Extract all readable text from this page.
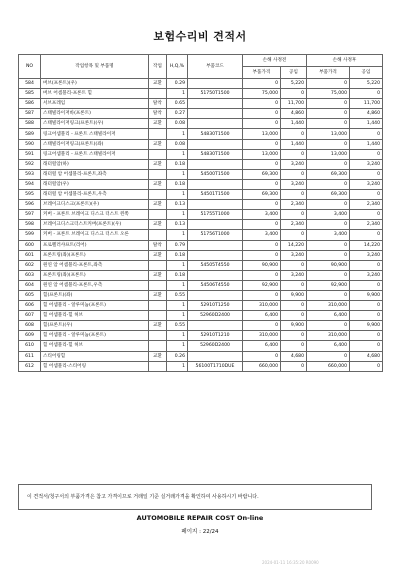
보험수리비 견적서
NO	작업항목 및 부품명	작업	H,Q,%	부품코드	손해 사정전		손해 사정후	
					부품가격	공임	부품가격	공임
584	버브(프론트)(우)	교환	0.29		0	5,220	0	5,220
585	버브 어셈블리-프론트 힐		1	51750T1500	75,000	0	75,000	0
586	서브프레임	탈착	0.65		0	11,700	0	11,700
587	스태빌라이저바(프론트)	탈착	0.27		0	4,860	0	4,860
588	스태빌라이저링크(프론트)(우)	교환	0.08		0	1,440	0	1,440
589	링크어셈블리 - 프론트 스태빌라이저		1	54830T1500	13,000	0	13,000	0
590	스태빌라이저링크(프론트)(좌)	교환	0.08		0	1,440	0	1,440
591	링크어셈블리 - 프론트 스태빌라이저		1	54830T1500	13,000	0	13,000	0
592	래터럴암(하)	교환	0.18		0	3,240	0	3,240
593	래터럴 암 어셈블리-프론트,좌측		1	54500T1500	69,300	0	69,300	0
594	래터럴암(우)	교환	0.18		0	3,240	0	3,240
595	래터럴 암 어셈블리-프론트,우측		1	54501T1500	69,300	0	69,300	0
596	브레이크디스크(프론트)(우)	교환	0.13		0	2,340	0	2,340
597	커버 - 프론트 브레이크 디스크 더스트 왼쪽		1	51755T1000	3,400	0	3,400	0
598	브레이크디스크더스트커버(프론트)(우)	교환	0.13		0	2,340	0	2,340
599	커버 - 프론트 브레이크 디스크 더스트 오른		1	51756T1000	3,400	0	3,400	0
600	프로펠러샤프트(리어)	탈착	0.79		0	14,220	0	14,220
601	프론트링(좌)(프론트)	교환	0.18		0	3,240	0	3,240
602	원연 암 어셈블리-프론트,좌측		1	54505T4550	90,900	0	90,900	0
603	프론트링(좌)(프론트)	교환	0.18		0	3,240	0	3,240
604	원연 암 어셈블리-프론트,우측		1	54506T4550	92,900	0	92,900	0
605	힐(프론트)(좌)	교환	0.55		0	9,900	0	9,900
606	힐 어셈블리 - 알루미늄(프론트)		1	52910T1250	310,000	0	310,000	0
607	힐 어셈블리-힐 허브		1	52960D2400	6,400	0	6,400	0
608	힐(프론트)(우)	교환	0.55		0	9,900	0	9,900
609	힐 어셈블리 - 알루미늄(프론트)		1	52910T1210	310,000	0	310,000	0
610	힐 어셈블리-힐 허브		1	52960D2400	6,400	0	6,400	0
611	스티어링힐	교환	0.26		0	4,680	0	4,680
612	힐 어셈블리-스티어링		1	56100T1710DUE	660,000	0	660,000	0
이 견적서/청구서의 부품가격은 참고 가격이므로 거래일 기준 실거래가격을 확인하여 사용하시기 바랍니다.
AUTOMOBILE REPAIR COST On-line
페이지 : 22/24
2024-01-11 16:35:20 R0090
